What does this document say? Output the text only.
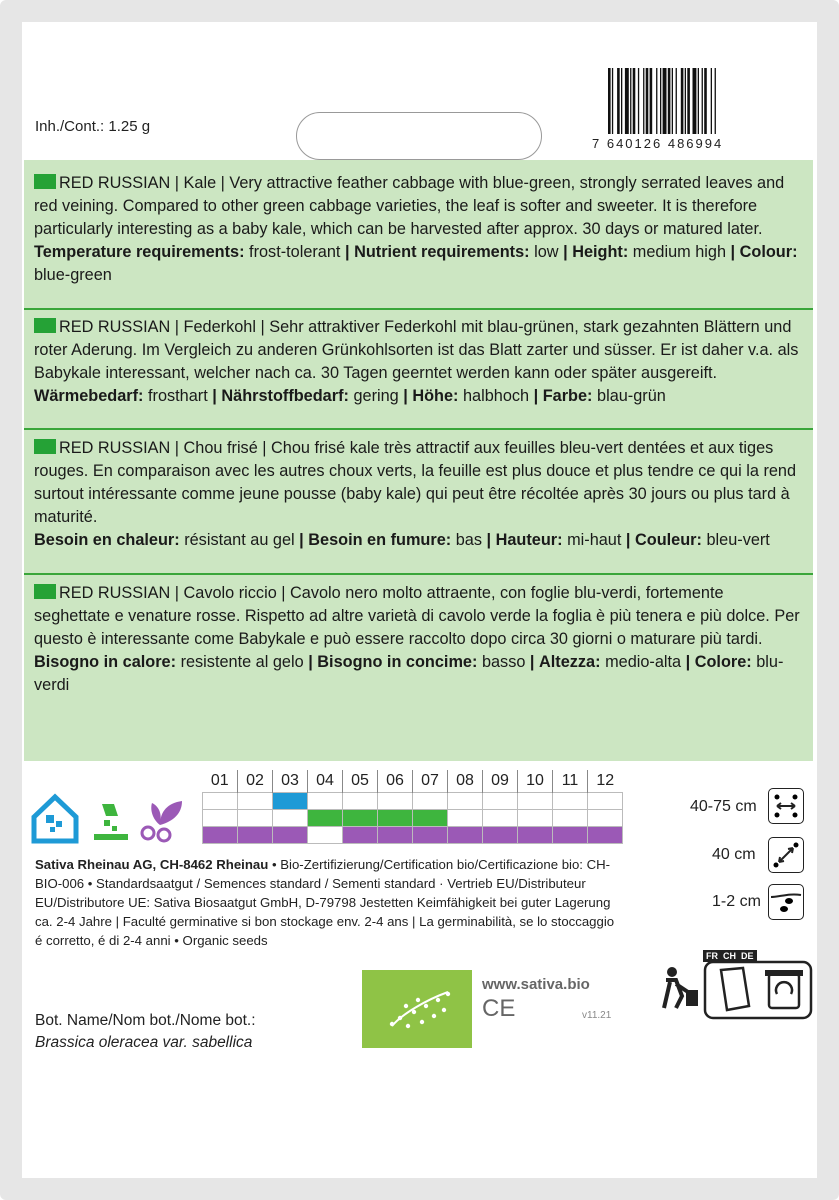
Inh./Cont.: 1.25 g
7 640126 486994
RED RUSSIAN | Kale | Very attractive feather cabbage with blue-green, strongly serrated leaves and red veining. Compared to other green cabbage varieties, the leaf is softer and sweeter. It is therefore particularly interesting as a baby kale, which can be harvested after approx. 30 days or matured later.
Temperature requirements: frost-tolerant | Nutrient requirements: low | Height: medium high | Colour: blue-green
RED RUSSIAN | Federkohl | Sehr attraktiver Federkohl mit blau-grünen, stark gezahnten Blättern und roter Aderung. Im Vergleich zu anderen Grünkohlsorten ist das Blatt zarter und süsser. Er ist daher v.a. als Babykale interessant, welcher nach ca. 30 Tagen geerntet werden kann oder später ausgereift.
Wärmebedarf: frosthart | Nährstoffbedarf: gering | Höhe: halbhoch | Farbe: blau-grün
RED RUSSIAN | Chou frisé | Chou frisé kale très attractif aux feuilles bleu-vert dentées et aux tiges rouges. En comparaison avec les autres choux verts, la feuille est plus douce et plus tendre ce qui la rend surtout intéressante comme jeune pousse (baby kale) qui peut être récoltée après 30 jours ou plus tard à maturité.
Besoin en chaleur: résistant au gel | Besoin en fumure: bas | Hauteur: mi-haut | Couleur: bleu-vert
RED RUSSIAN | Cavolo riccio | Cavolo nero molto attraente, con foglie blu-verdi, fortemente seghettate e venature rosse. Rispetto ad altre varietà di cavolo verde la foglia è più tenera e più dolce. Per questo è interessante come Babykale e può essere raccolto dopo circa 30 giorni o maturare più tardi.
Bisogno in calore: resistente al gelo | Bisogno in concime: basso | Altezza: medio-alta | Colore: blu-verdi
01	02	03	04	05	06	07	08	09	10	11	12

40-75 cm
40 cm
1-2 cm
Sativa Rheinau AG, CH-8462 Rheinau • Bio-Zertifizierung/Certification bio/Certificazione bio: CH-BIO-006 • Standardsaatgut / Semences standard / Sementi standard · Vertrieb EU/Distributeur EU/Distributore UE: Sativa Biosaatgut GmbH, D-79798 Jestetten Keimfähigkeit bei guter Lagerung ca. 2-4 Jahre | Faculté germinative si bon stockage env. 2-4 ans | La germinabilità, se lo stoccaggio é corretto, é di 2-4 anni • Organic seeds
www.sativa.bio
CE	v11.21
FR CH DE
Bot. Name/Nom bot./Nome bot.:
Brassica oleracea var. sabellica
